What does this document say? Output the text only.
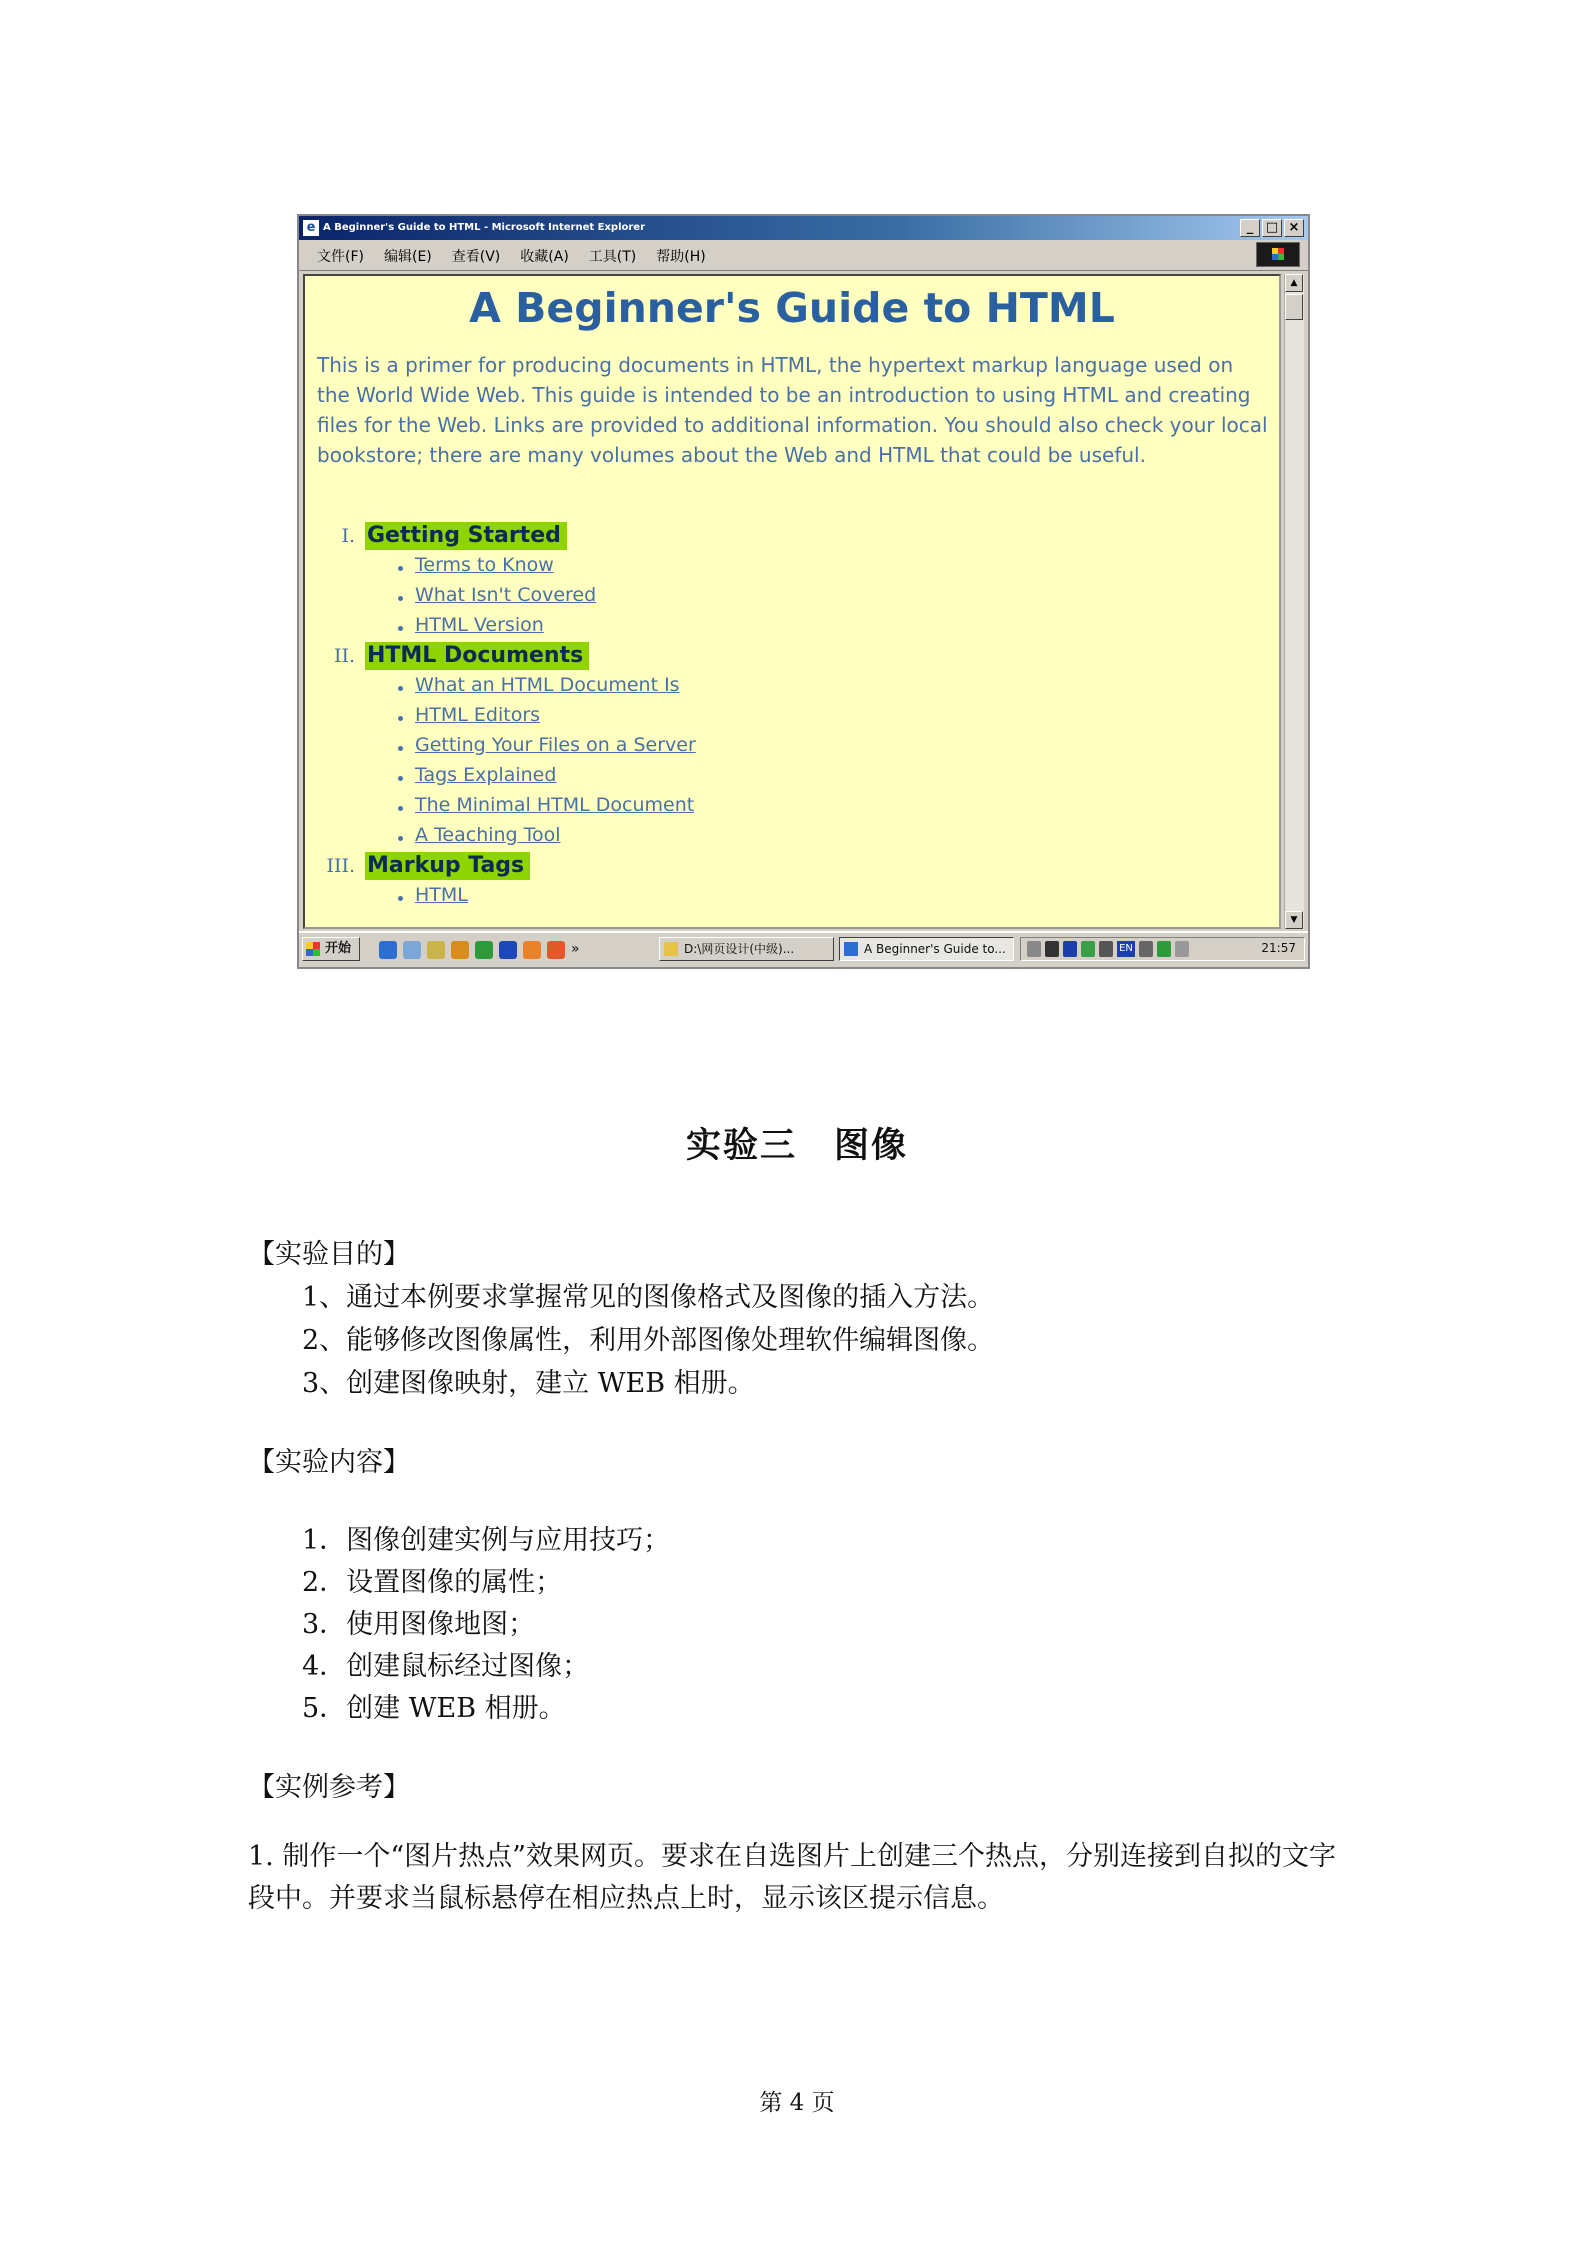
e A Beginner's Guide to HTML - Microsoft Internet Explorer	_ □ ×
文件(F) 编辑(E) 查看(V) 收藏(A) 工具(T) 帮助(H)
A Beginner's Guide to HTML
This is a primer for producing documents in HTML, the hypertext markup language used on the World Wide Web. This guide is intended to be an introduction to using HTML and creating files for the Web. Links are provided to additional information. You should also check your local bookstore; there are many volumes about the Web and HTML that could be useful.
I. Getting Started
Terms to Know
What Isn't Covered
HTML Version
II. HTML Documents
What an HTML Document Is
HTML Editors
Getting Your Files on a Server
Tags Explained
The Minimal HTML Document
A Teaching Tool
III. Markup Tags
HTML
▲
▼
开始	»	D:\网页设计(中级)...	A Beginner's Guide to...	EN	21:57
实验三　图像
【实验目的】
1、通过本例要求掌握常见的图像格式及图像的插入方法。
2、能够修改图像属性，利用外部图像处理软件编辑图像。
3、创建图像映射，建立 WEB 相册。
【实验内容】
1．图像创建实例与应用技巧；
2．设置图像的属性；
3．使用图像地图；
4．创建鼠标经过图像；
5．创建 WEB 相册。
【实例参考】
1. 制作一个“图片热点”效果网页。要求在自选图片上创建三个热点，分别连接到自拟的文字段中。并要求当鼠标悬停在相应热点上时，显示该区提示信息。
第 4 页
